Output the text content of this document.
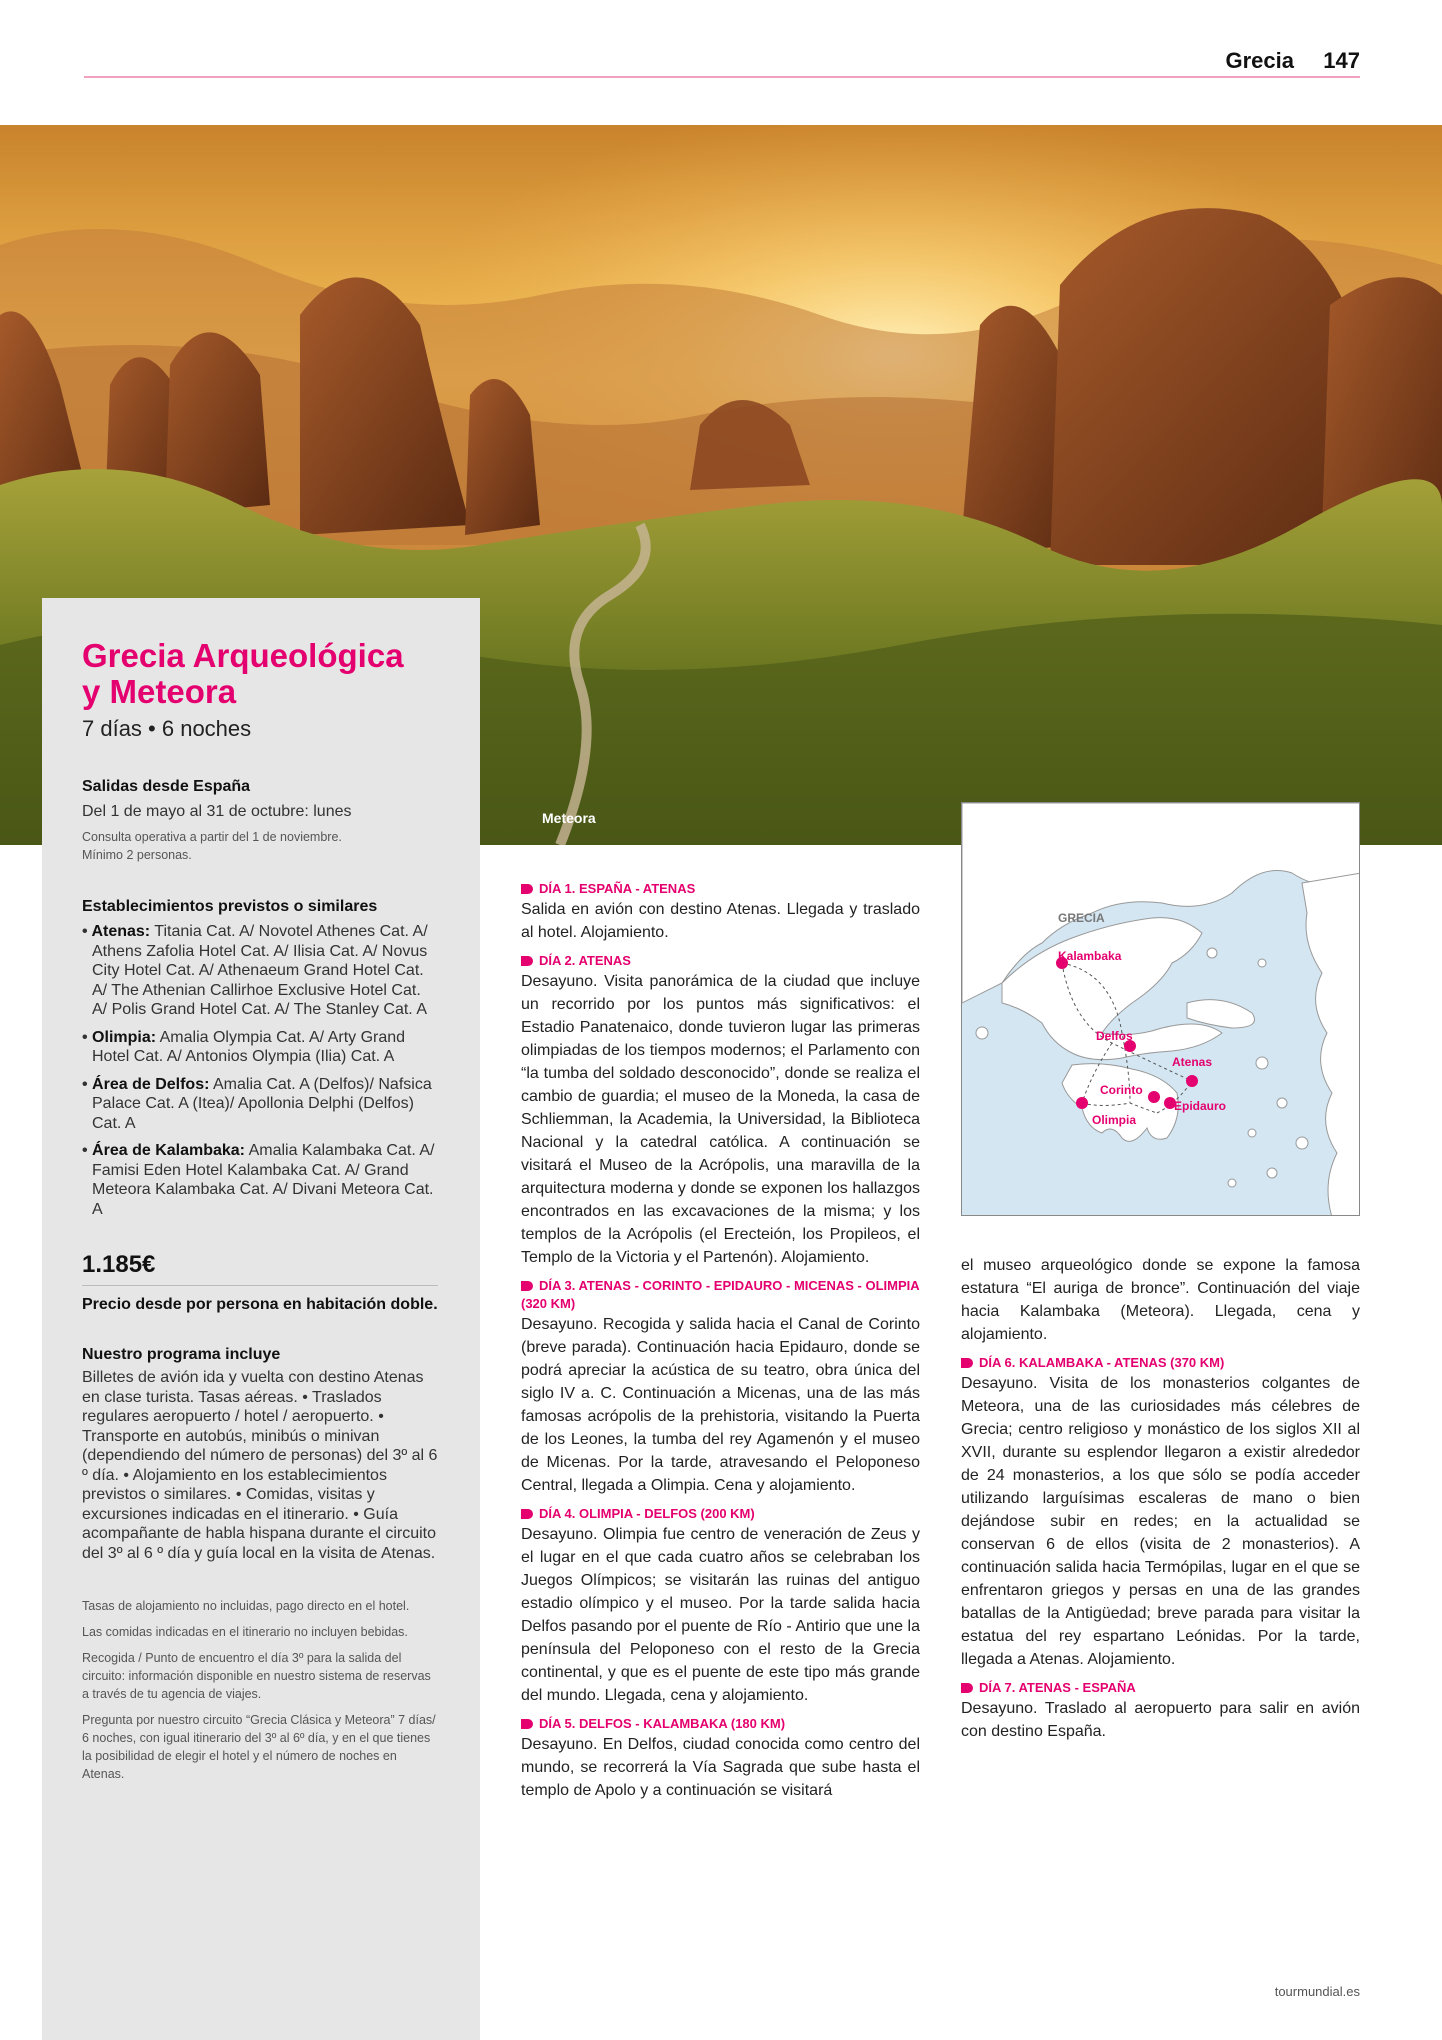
Grecia 147
Meteora
Grecia Arqueológica
y Meteora
7 días • 6 noches
Salidas desde España
Del 1 de mayo al 31 de octubre: lunes
Consulta operativa a partir del 1 de noviembre.
Mínimo 2 personas.
Establecimientos previstos o similares
• Atenas: Titania Cat. A/ Novotel Athenes Cat. A/ Athens Zafolia Hotel Cat. A/ Ilisia Cat. A/ Novus City Hotel Cat. A/ Athenaeum Grand Hotel Cat. A/ The Athenian Callirhoe Exclusive Hotel Cat. A/ Polis Grand Hotel Cat. A/ The Stanley Cat. A
• Olimpia: Amalia Olympia Cat. A/ Arty Grand Hotel Cat. A/ Antonios Olympia (Ilia) Cat. A
• Área de Delfos: Amalia Cat. A (Delfos)/ Nafsica Palace Cat. A (Itea)/ Apollonia Delphi (Delfos) Cat. A
• Área de Kalambaka: Amalia Kalambaka Cat. A/ Famisi Eden Hotel Kalambaka Cat. A/ Grand Meteora Kalambaka Cat. A/ Divani Meteora Cat. A
1.185€
Precio desde por persona en habitación doble.
Nuestro programa incluye
Billetes de avión ida y vuelta con destino Atenas en clase turista. Tasas aéreas. • Traslados regulares aeropuerto / hotel / aeropuerto. • Transporte en autobús, minibús o minivan (dependiendo del número de personas) del 3º al 6 º día. • Alojamiento en los establecimientos previstos o similares. • Comidas, visitas y excursiones indicadas en el itinerario. • Guía acompañante de habla hispana durante el circuito del 3º al 6 º día y guía local en la visita de Atenas.

Tasas de alojamiento no incluidas, pago directo en el hotel.

Las comidas indicadas en el itinerario no incluyen bebidas.

Recogida / Punto de encuentro el día 3º para la salida del circuito: información disponible en nuestro sistema de reservas a través de tu agencia de viajes.

Pregunta por nuestro circuito “Grecia Clásica y Meteora” 7 días/ 6 noches, con igual itinerario del 3º al 6º día, y en el que tienes la posibilidad de elegir el hotel y el número de noches en Atenas.

DÍA 1. ESPAÑA - ATENAS
Salida en avión con destino Atenas. Llegada y traslado al hotel. Alojamiento.
DÍA 2. ATENAS
Desayuno. Visita panorámica de la ciudad que incluye un recorrido por los puntos más significativos: el Estadio Panatenaico, donde tuvieron lugar las primeras olimpiadas de los tiempos modernos; el Parlamento con “la tumba del soldado desconocido”, donde se realiza el cambio de guardia; el museo de la Moneda, la casa de Schliemman, la Academia, la Universidad, la Biblioteca Nacional y la catedral católica. A continuación se visitará el Museo de la Acrópolis, una maravilla de la arquitectura moderna y donde se exponen los hallazgos encontrados en las excavaciones de la misma; y los templos de la Acrópolis (el Erecteión, los Propileos, el Templo de la Victoria y el Partenón). Alojamiento.
DÍA 3. ATENAS - CORINTO - EPIDAURO - MICENAS - OLIMPIA (320 KM)
Desayuno. Recogida y salida hacia el Canal de Corinto (breve parada). Continuación hacia Epidauro, donde se podrá apreciar la acústica de su teatro, obra única del siglo IV a. C. Continuación a Micenas, una de las más famosas acrópolis de la prehistoria, visitando la Puerta de los Leones, la tumba del rey Agamenón y el museo de Micenas. Por la tarde, atravesando el Peloponeso Central, llegada a Olimpia. Cena y alojamiento.
DÍA 4. OLIMPIA - DELFOS (200 KM)
Desayuno. Olimpia fue centro de veneración de Zeus y el lugar en el que cada cuatro años se celebraban los Juegos Olímpicos; se visitarán las ruinas del antiguo estadio olímpico y el museo. Por la tarde salida hacia Delfos pasando por el puente de Río - Antirio que une la península del Peloponeso con el resto de la Grecia continental, y que es el puente de este tipo más grande del mundo. Llegada, cena y alojamiento.
DÍA 5. DELFOS - KALAMBAKA (180 KM)
Desayuno. En Delfos, ciudad conocida como centro del mundo, se recorrerá la Vía Sagrada que sube hasta el templo de Apolo y a continuación se visitará
GRECIA
Kalambaka
Delfos
Atenas
Corinto
Olimpia
Epidauro
el museo arqueológico donde se expone la famosa estatura “El auriga de bronce”. Continuación del viaje hacia Kalambaka (Meteora). Llegada, cena y alojamiento.
DÍA 6. KALAMBAKA - ATENAS (370 KM)
Desayuno. Visita de los monasterios colgantes de Meteora, una de las curiosidades más célebres de Grecia; centro religioso y monástico de los siglos XII al XVII, durante su esplendor llegaron a existir alrededor de 24 monasterios, a los que sólo se podía acceder utilizando larguísimas escaleras de mano o bien dejándose subir en redes; en la actualidad se conservan 6 de ellos (visita de 2 monasterios). A continuación salida hacia Termópilas, lugar en el que se enfrentaron griegos y persas en una de las grandes batallas de la Antigüedad; breve parada para visitar la estatua del rey espartano Leónidas. Por la tarde, llegada a Atenas. Alojamiento.
DÍA 7. ATENAS - ESPAÑA
Desayuno. Traslado al aeropuerto para salir en avión con destino España.
tourmundial.es
